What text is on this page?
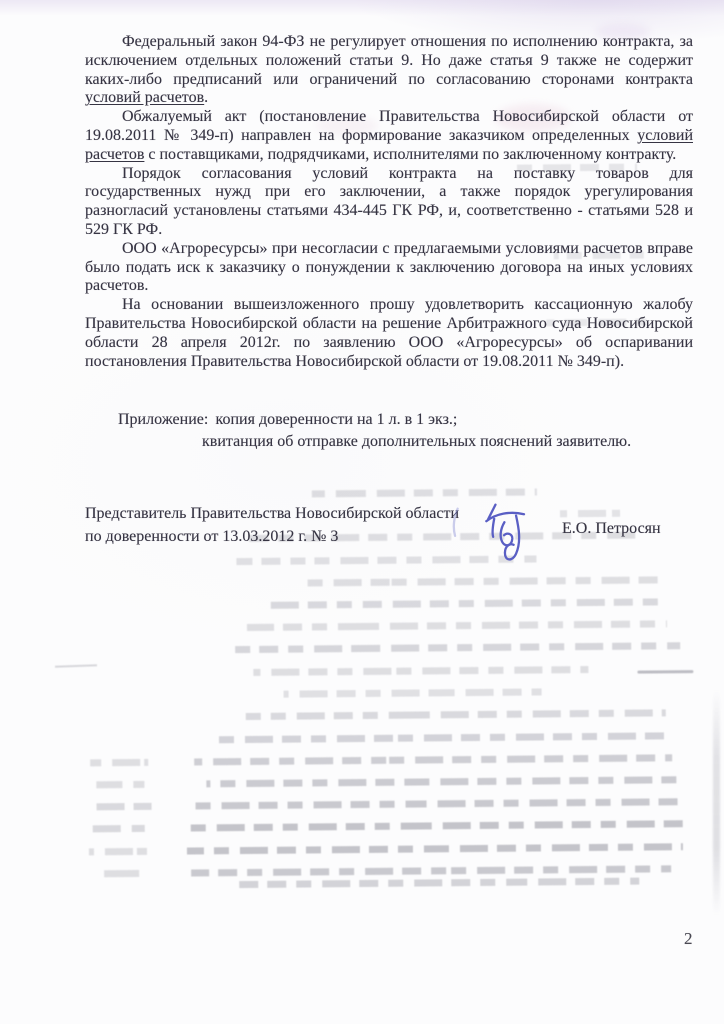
Федеральный закон 94-ФЗ не регулирует отношения по исполнению контракта, за исключением отдельных положений статьи 9. Но даже статья 9 также не содержит каких-либо предписаний или ограничений по согласованию сторонами контракта условий расчетов.

Обжалуемый акт (постановление Правительства Новосибирской области от 19.08.2011 № 349-п) направлен на формирование заказчиком определенных условий расчетов с поставщиками, подрядчиками, исполнителями по заключенному контракту.

Порядок согласования условий контракта на поставку товаров для государственных нужд при его заключении, а также порядок урегулирования разногласий установлены статьями 434-445 ГК РФ, и, соответственно - статьями 528 и 529 ГК РФ.

ООО «Агроресурсы» при несогласии с предлагаемыми условиями расчетов вправе было подать иск к заказчику о понуждении к заключению договора на иных условиях расчетов.

На основании вышеизложенного прошу удовлетворить кассационную жалобу Правительства Новосибирской области на решение Арбитражного суда Новосибирской области 28 апреля 2012г. по заявлению ООО «Агроресурсы» об оспаривании постановления Правительства Новосибирской области от 19.08.2011 № 349-п).

Приложение: копия доверенности на 1 л. в 1 экз.;
квитанция об отправке дополнительных пояснений заявителю.
Представитель Правительства Новосибирской области
по доверенности от 13.03.2012 г. № 3	Е.О. Петросян
2
